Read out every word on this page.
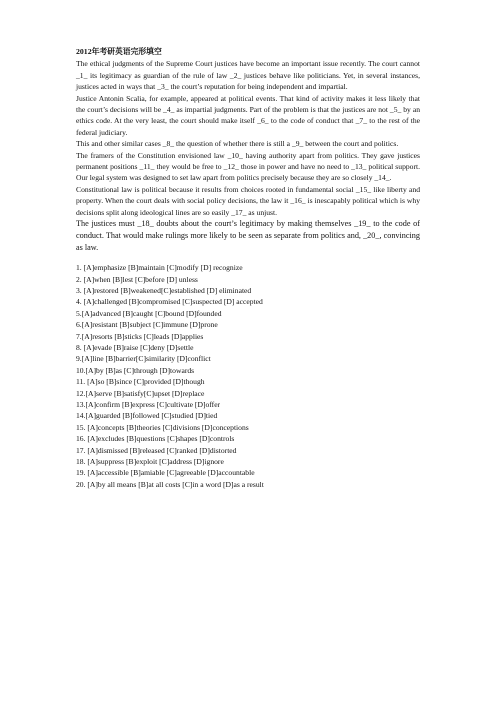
2012年考研英语完形填空

The ethical judgments of the Supreme Court justices have become an important issue recently. The court cannot _1_ its legitimacy as guardian of the rule of law _2_ justices behave like politicians. Yet, in several instances, justices acted in ways that _3_ the court’s reputation for being independent and impartial.

Justice Antonin Scalia, for example, appeared at political events. That kind of activity makes it less likely that the court’s decisions will be _4_ as impartial judgments. Part of the problem is that the justices are not _5_ by an ethics code. At the very least, the court should make itself _6_ to the code of conduct that _7_ to the rest of the federal judiciary.

This and other similar cases _8_ the question of whether there is still a _9_ between the court and politics.

The framers of the Constitution envisioned law _10_ having authority apart from politics. They gave justices permanent positions _11_ they would be free to _12_ those in power and have no need to _13_ political support. Our legal system was designed to set law apart from politics precisely because they are so closely _14_.

Constitutional law is political because it results from choices rooted in fundamental social _15_ like liberty and property. When the court deals with social policy decisions, the law it _16_ is inescapably political which is why decisions split along ideological lines are so easily _17_ as unjust.

The justices must _18_ doubts about the court’s legitimacy by making themselves _19_ to the code of conduct. That would make rulings more likely to be seen as separate from politics and, _20_, convincing as law.

1. [A]emphasize [B]maintain [C]modify [D] recognize

2. [A]when [B]lest [C]before [D] unless

3. [A]restored [B]weakened[C]established [D] eliminated

4. [A]challenged [B]compromised [C]suspected [D] accepted

5.[A]advanced [B]caught [C]bound [D]founded

6.[A]resistant [B]subject [C]immune [D]prone

7.[A]resorts [B]sticks [C]leads [D]applies

8. [A]evade [B]raise [C]deny [D]settle

9.[A]line [B]barrier[C]similarity [D]conflict

10.[A]by [B]as [C]through [D]towards

11. [A]so [B]since [C]provided [D]though

12.[A]serve [B]satisfy[C]upset [D]replace

13.[A]confirm [B]express [C]cultivate [D]offer

14.[A]guarded [B]followed [C]studied [D]tied

15. [A]concepts [B]theories [C]divisions [D]conceptions

16. [A]excludes [B]questions [C]shapes [D]controls

17. [A]dismissed [B]released [C]ranked [D]distorted

18. [A]suppress [B]exploit [C]address [D]ignore

19. [A]accessible [B]amiable [C]agreeable [D]accountable

20. [A]by all means [B]at all costs [C]in a word [D]as a result
